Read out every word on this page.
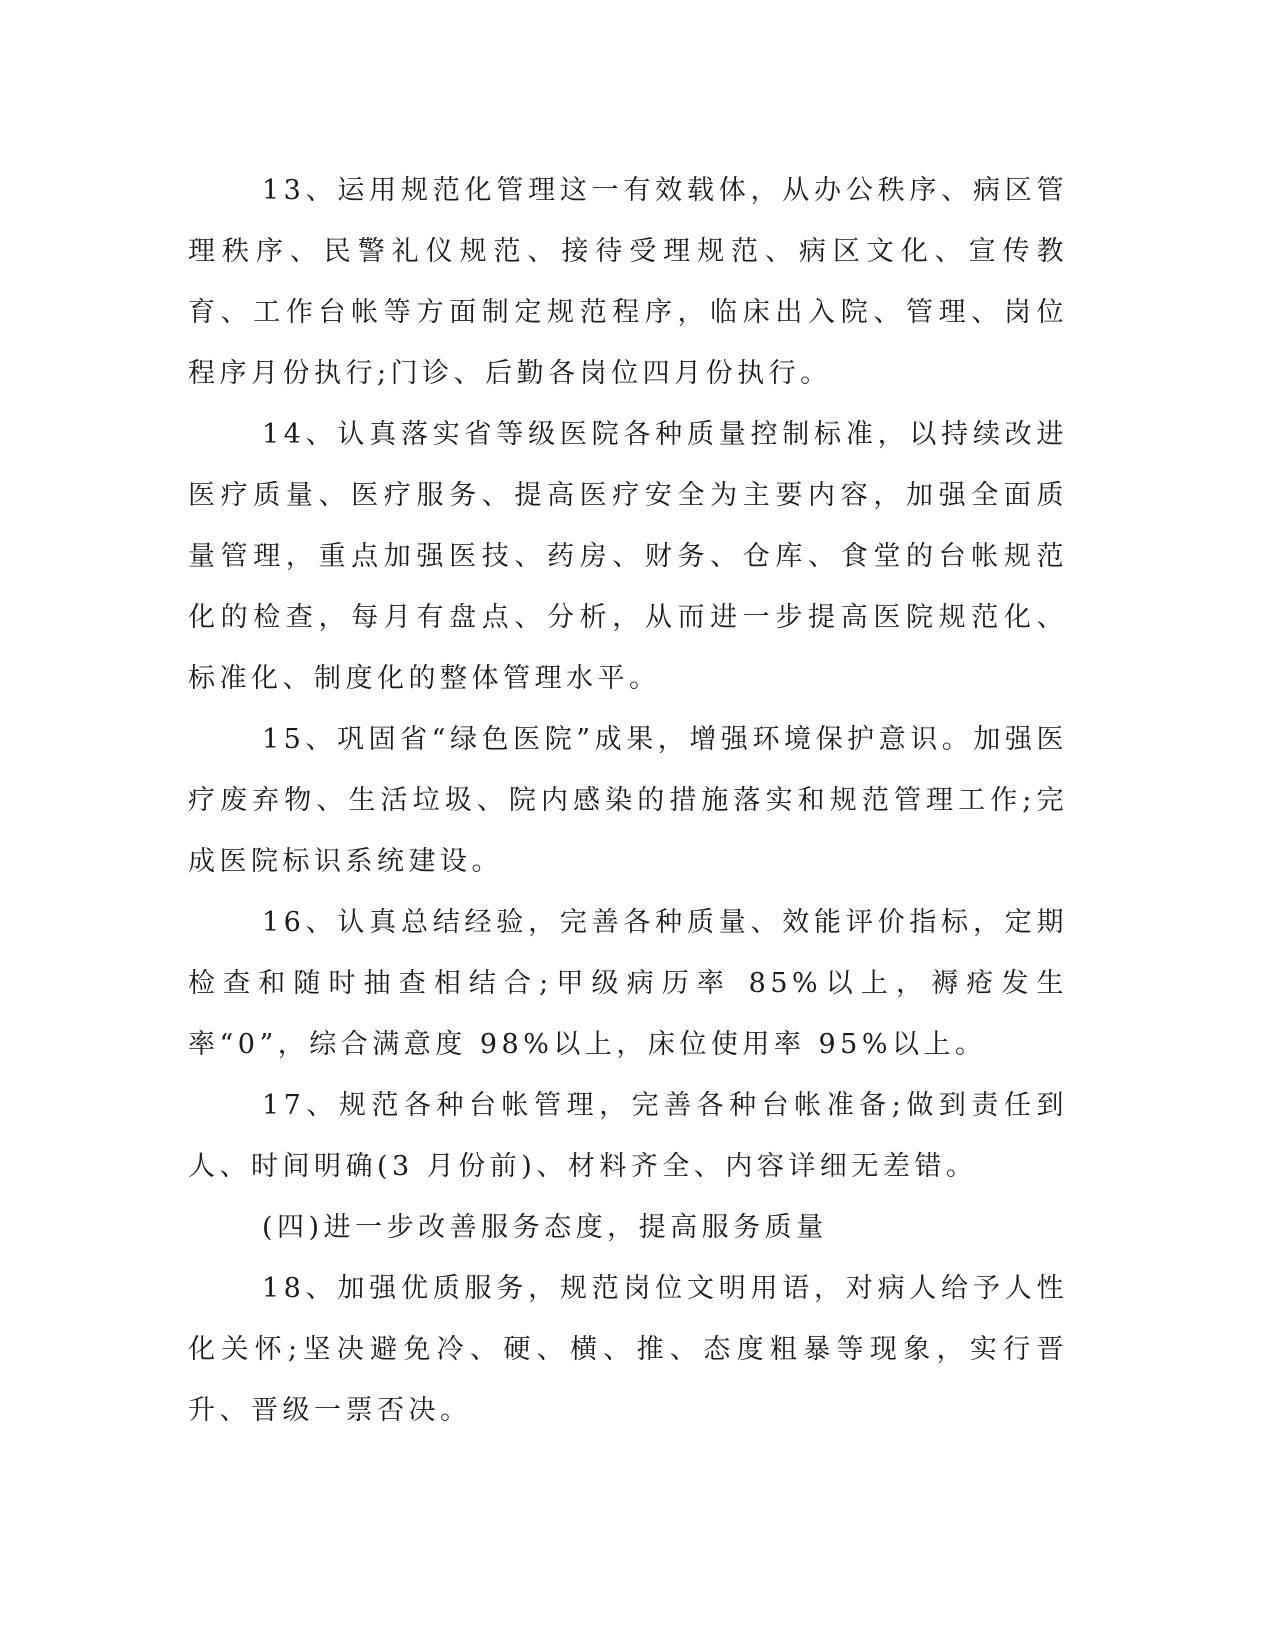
13、运用规范化管理这一有效载体，从办公秩序、病区管理秩序、民警礼仪规范、接待受理规范、病区文化、宣传教育、工作台帐等方面制定规范程序，临床出入院、管理、岗位程序月份执行;门诊、后勤各岗位四月份执行。

14、认真落实省等级医院各种质量控制标准，以持续改进医疗质量、医疗服务、提高医疗安全为主要内容，加强全面质量管理，重点加强医技、药房、财务、仓库、食堂的台帐规范化的检查，每月有盘点、分析，从而进一步提高医院规范化、标准化、制度化的整体管理水平。

15、巩固省“绿色医院”成果，增强环境保护意识。加强医疗废弃物、生活垃圾、院内感染的措施落实和规范管理工作;完成医院标识系统建设。

16、认真总结经验，完善各种质量、效能评价指标，定期检查和随时抽查相结合;甲级病历率 85%以上，褥疮发生率“0”，综合满意度 98%以上，床位使用率 95%以上。

17、规范各种台帐管理，完善各种台帐准备;做到责任到人、时间明确(3 月份前)、材料齐全、内容详细无差错。

(四)进一步改善服务态度，提高服务质量

18、加强优质服务，规范岗位文明用语，对病人给予人性化关怀;坚决避免冷、硬、横、推、态度粗暴等现象，实行晋升、晋级一票否决。
